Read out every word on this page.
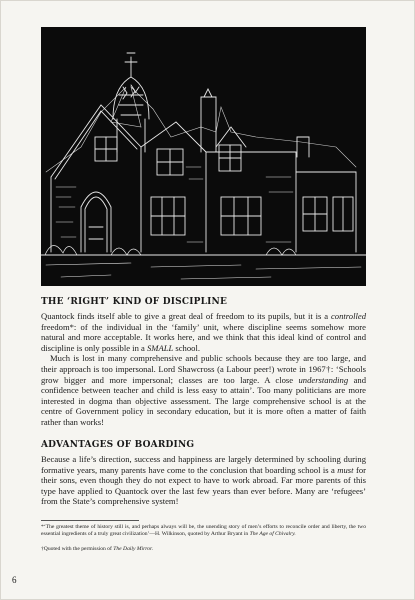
THE ‘RIGHT’ KIND OF DISCIPLINE

Quantock finds itself able to give a great deal of freedom to its pupils, but it is a controlled freedom*: of the individual in the ‘family’ unit, where discipline seems somehow more natural and more acceptable. It works here, and we think that this ideal kind of control and discipline is only possible in a SMALL school.

Much is lost in many comprehensive and public schools because they are too large, and their approach is too impersonal. Lord Shawcross (a Labour peer!) wrote in 1967†: ‘Schools grow bigger and more impersonal; classes are too large. A close understanding and confidence between teacher and child is less easy to attain’. Too many politicians are more interested in dogma than objective assessment. The large comprehensive school is at the centre of Government policy in secondary education, but it is more often a matter of faith rather than works!

ADVANTAGES OF BOARDING

Because a life’s direction, success and happiness are largely determined by schooling during formative years, many parents have come to the conclusion that boarding school is a must for their sons, even though they do not expect to have to work abroad. Far more parents of this type have applied to Quantock over the last few years than ever before. Many are ‘refugees’ from the State’s comprehensive system!

*‘The greatest theme of history still is, and perhaps always will be, the unending story of men’s efforts to reconcile order and liberty, the two essential ingredients of a truly great civilization’—H. Wilkinson, quoted by Arthur Bryant in The Age of Chivalry.
†Quoted with the permission of The Daily Mirror.
6
